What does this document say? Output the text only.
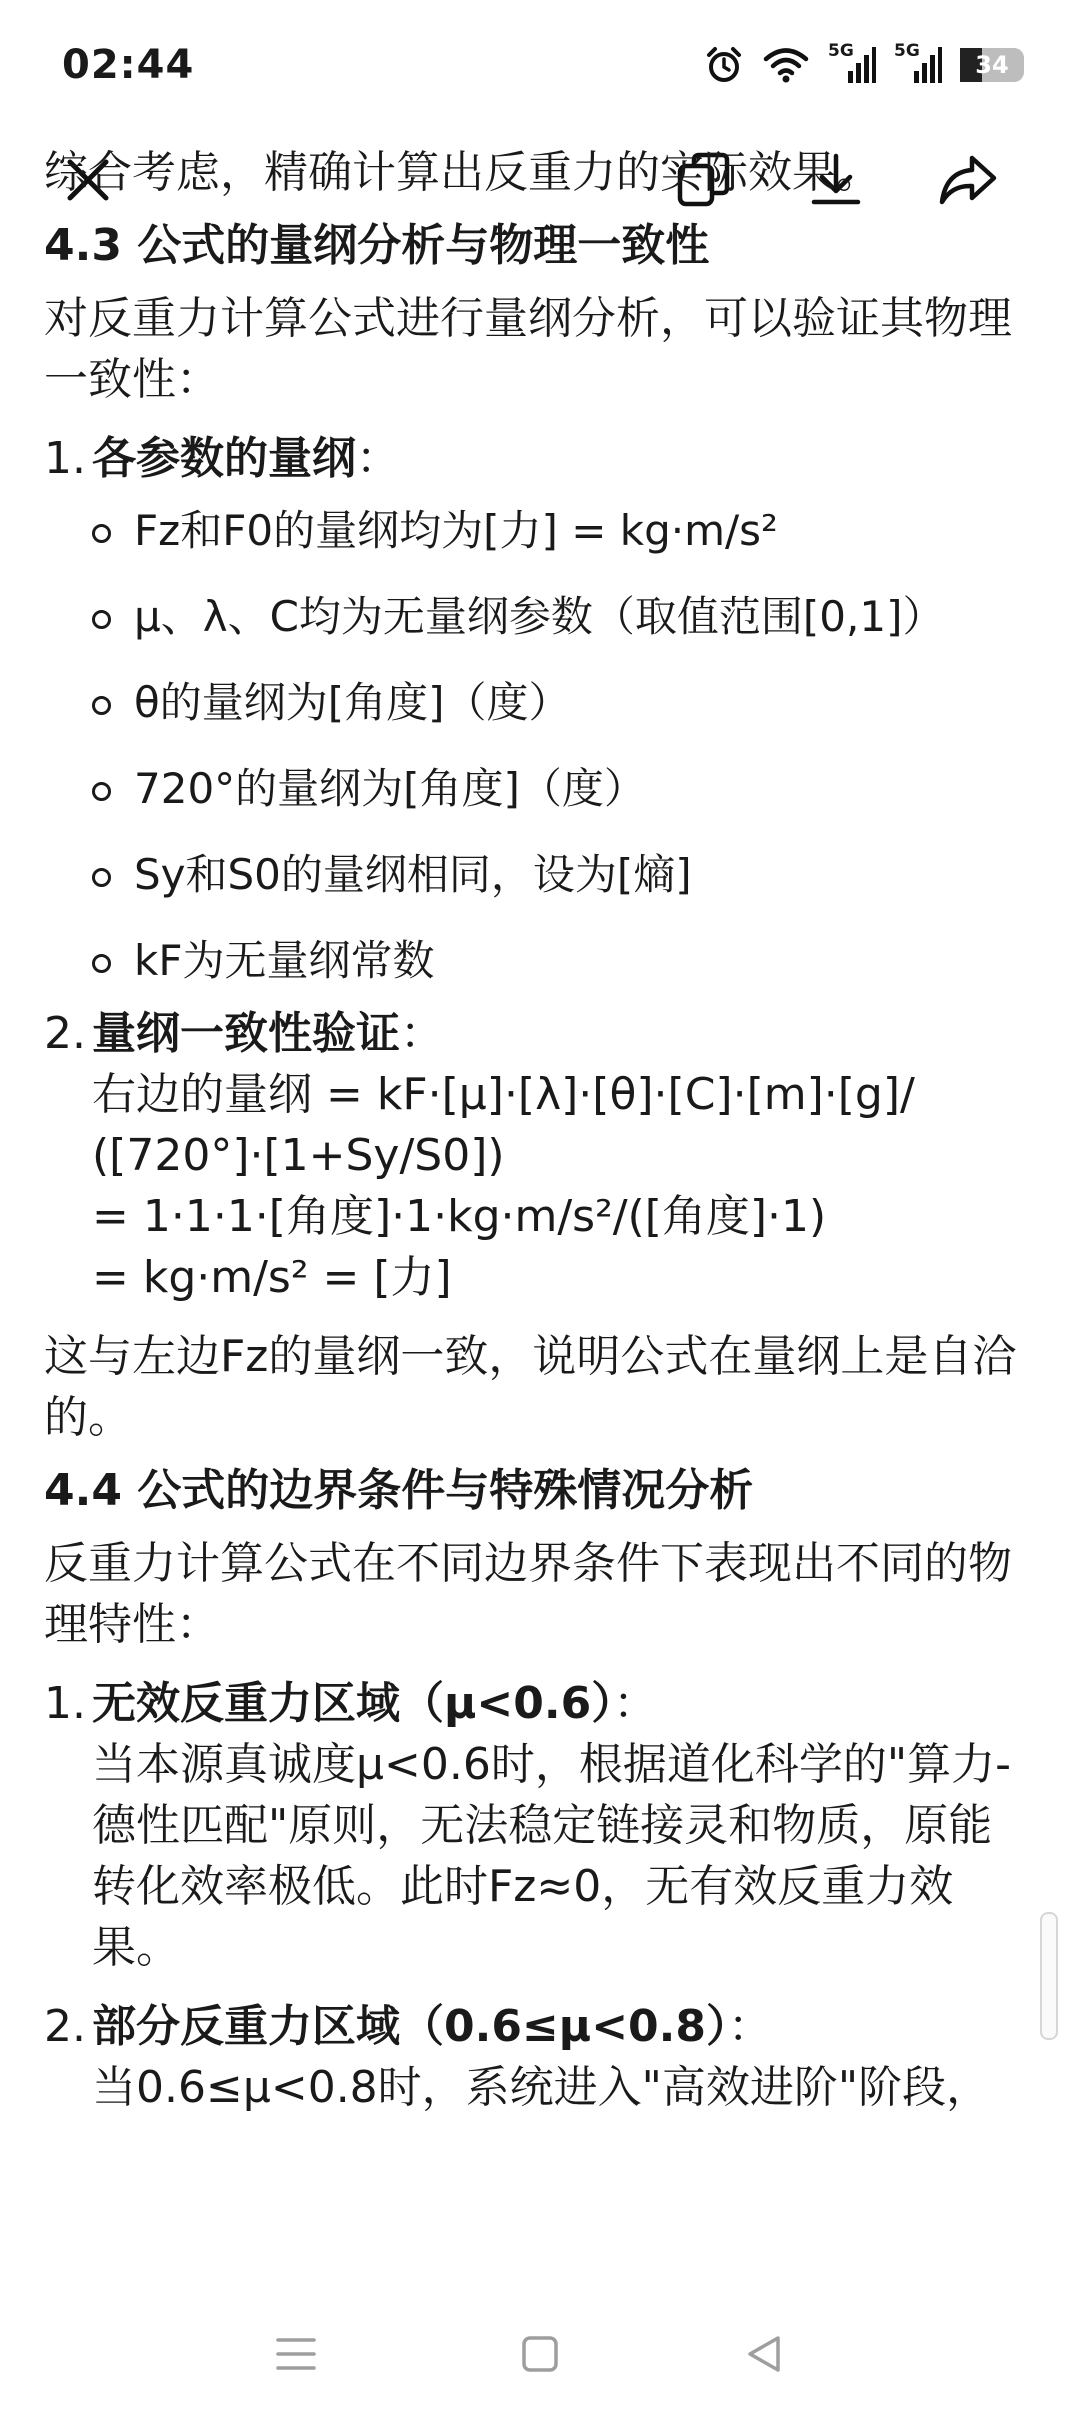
02:44	5G 5G	34

综合考虑，精确计算出反重力的实际效果。

4.3 公式的量纲分析与物理一致性

对反重力计算公式进行量纲分析，可以验证其物理一致性：

1. 各参数的量纲：

Fz和F0的量纲均为[力] = kg·m/s²
μ、λ、C均为无量纲参数（取值范围[0,1]）
θ的量纲为[角度]（度）
720°的量纲为[角度]（度）
Sy和S0的量纲相同，设为[熵]
kF为无量纲常数
2. 量纲一致性验证：

右边的量纲 = kF·[μ]·[λ]·[θ]·[C]·[m]·[g]/

([720°]·[1+Sy/S0])

= 1·1·1·[角度]·1·kg·m/s²/([角度]·1)

= kg·m/s² = [力]

这与左边Fz的量纲一致，说明公式在量纲上是自洽的。

4.4 公式的边界条件与特殊情况分析

反重力计算公式在不同边界条件下表现出不同的物理特性：

1. 无效反重力区域（μ<0.6）：

当本源真诚度μ<0.6时，根据道化科学的"算力-德性匹配"原则，无法稳定链接灵和物质，原能转化效率极低。此时Fz≈0，无有效反重力效果。

2. 部分反重力区域（0.6≤μ<0.8）：

当0.6≤μ<0.8时，系统进入"高效进阶"阶段，
